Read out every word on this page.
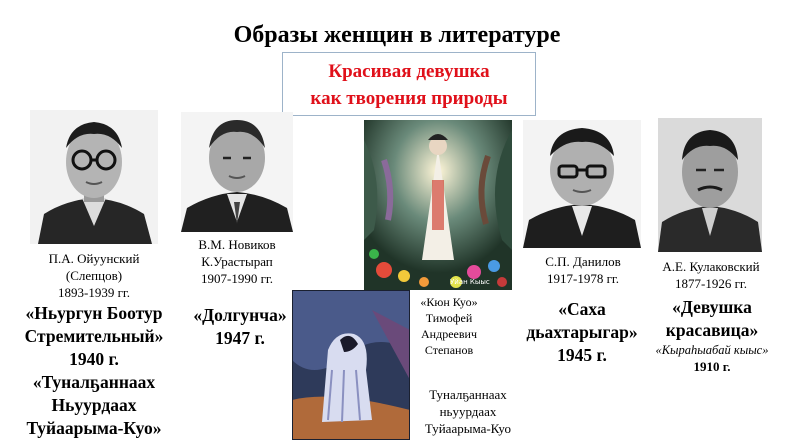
Образы женщин в литературе
Красивая девушка
как творения природы
П.А. Ойуунский
(Слепцов)
1893-1939 гг.
«Ньургун Боотур
Стремительный»
1940 г.
«Туналҕаннаах
Ньуурдаах
Туйаарыма-Куо»
В.М. Новиков
К.Урастырап
1907-1990 гг.
«Долгунча»
1947 г.
Уйан Кыыс
«Кюн Куо»
Тимофей
Андреевич
Степанов
Туналҕаннаах
ньуурдаах
Туйаарыма-Куо
С.П. Данилов
1917-1978 гг.
«Саха
дьахтарыгар»
1945 г.
А.Е. Кулаковский
1877-1926 гг.
«Девушка
красавица»
«Кыраһыабай кыыс»
1910 г.
